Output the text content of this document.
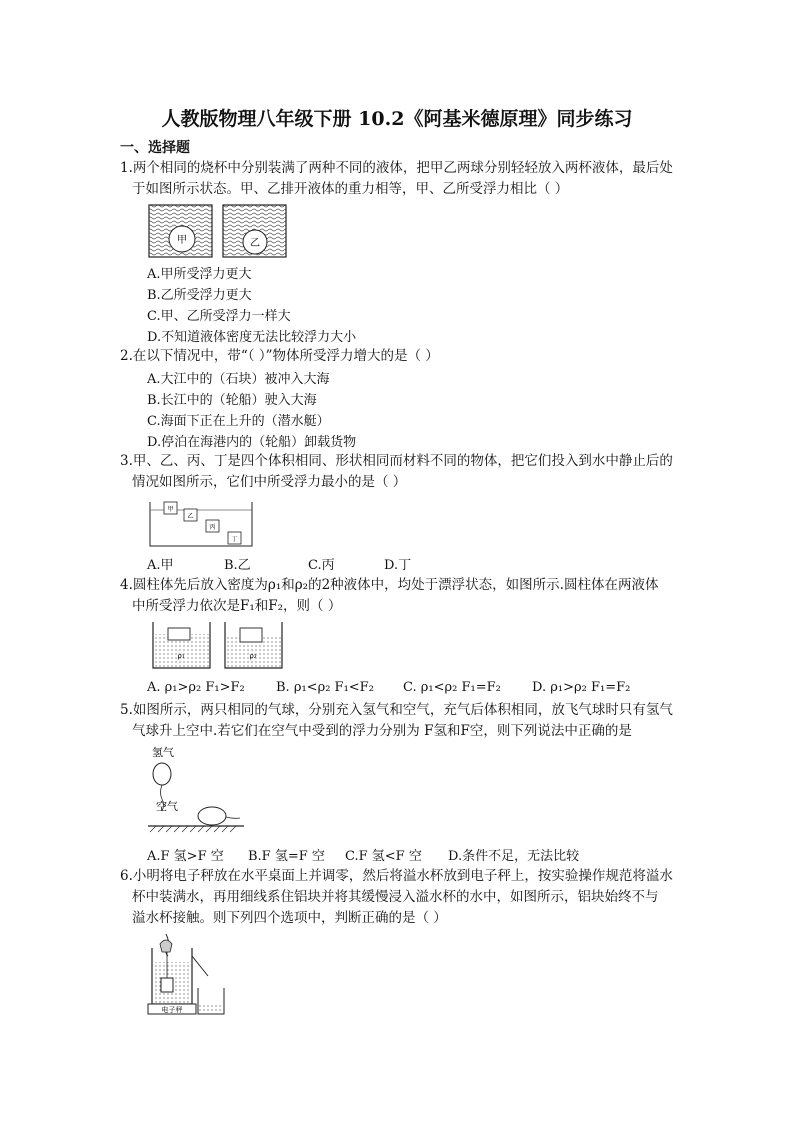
人教版物理八年级下册 10.2《阿基米德原理》同步练习
一、选择题
1.两个相同的烧杯中分别装满了两种不同的液体，把甲乙两球分别轻轻放入两杯液体，最后处
于如图所示状态。甲、乙排开液体的重力相等，甲、乙所受浮力相比（ ）
甲	乙
A.甲所受浮力更大
B.乙所受浮力更大
C.甲、乙所受浮力一样大
D.不知道液体密度无法比较浮力大小
2.在以下情况中，带“（ ）”物体所受浮力增大的是（ ）
A.大江中的（石块）被冲入大海
B.长江中的（轮船）驶入大海
C.海面下正在上升的（潜水艇）
D.停泊在海港内的（轮船）卸载货物
3.甲、乙、丙、丁是四个体积相同、形状相同而材料不同的物体，把它们投入到水中静止后的
情况如图所示，它们中所受浮力最小的是（ ）
甲
乙
丙
丁
A.甲	B.乙	C.丙	D.丁
4.圆柱体先后放入密度为ρ₁和ρ₂的2种液体中，均处于漂浮状态，如图所示.圆柱体在两液体
中所受浮力依次是F₁和F₂，则（ ）
ρ₁	ρ₂
A. ρ₁>ρ₂ F₁>F₂ B. ρ₁<ρ₂ F₁<F₂ C. ρ₁<ρ₂ F₁=F₂ D. ρ₁>ρ₂ F₁=F₂
5.如图所示，两只相同的气球，分别充入氢气和空气，充气后体积相同，放飞气球时只有氢气
气球升上空中.若它们在空气中受到的浮力分别为 F氢和F空，则下列说法中正确的是
氢气
空气
A.F 氢>F 空 B.F 氢=F 空 C.F 氢<F 空 D.条件不足，无法比较
6.小明将电子秤放在水平桌面上并调零，然后将溢水杯放到电子秤上，按实验操作规范将溢水
杯中装满水，再用细线系住铝块并将其缓慢浸入溢水杯的水中，如图所示，铝块始终不与
溢水杯接触。则下列四个选项中，判断正确的是（ ）
电子秤
